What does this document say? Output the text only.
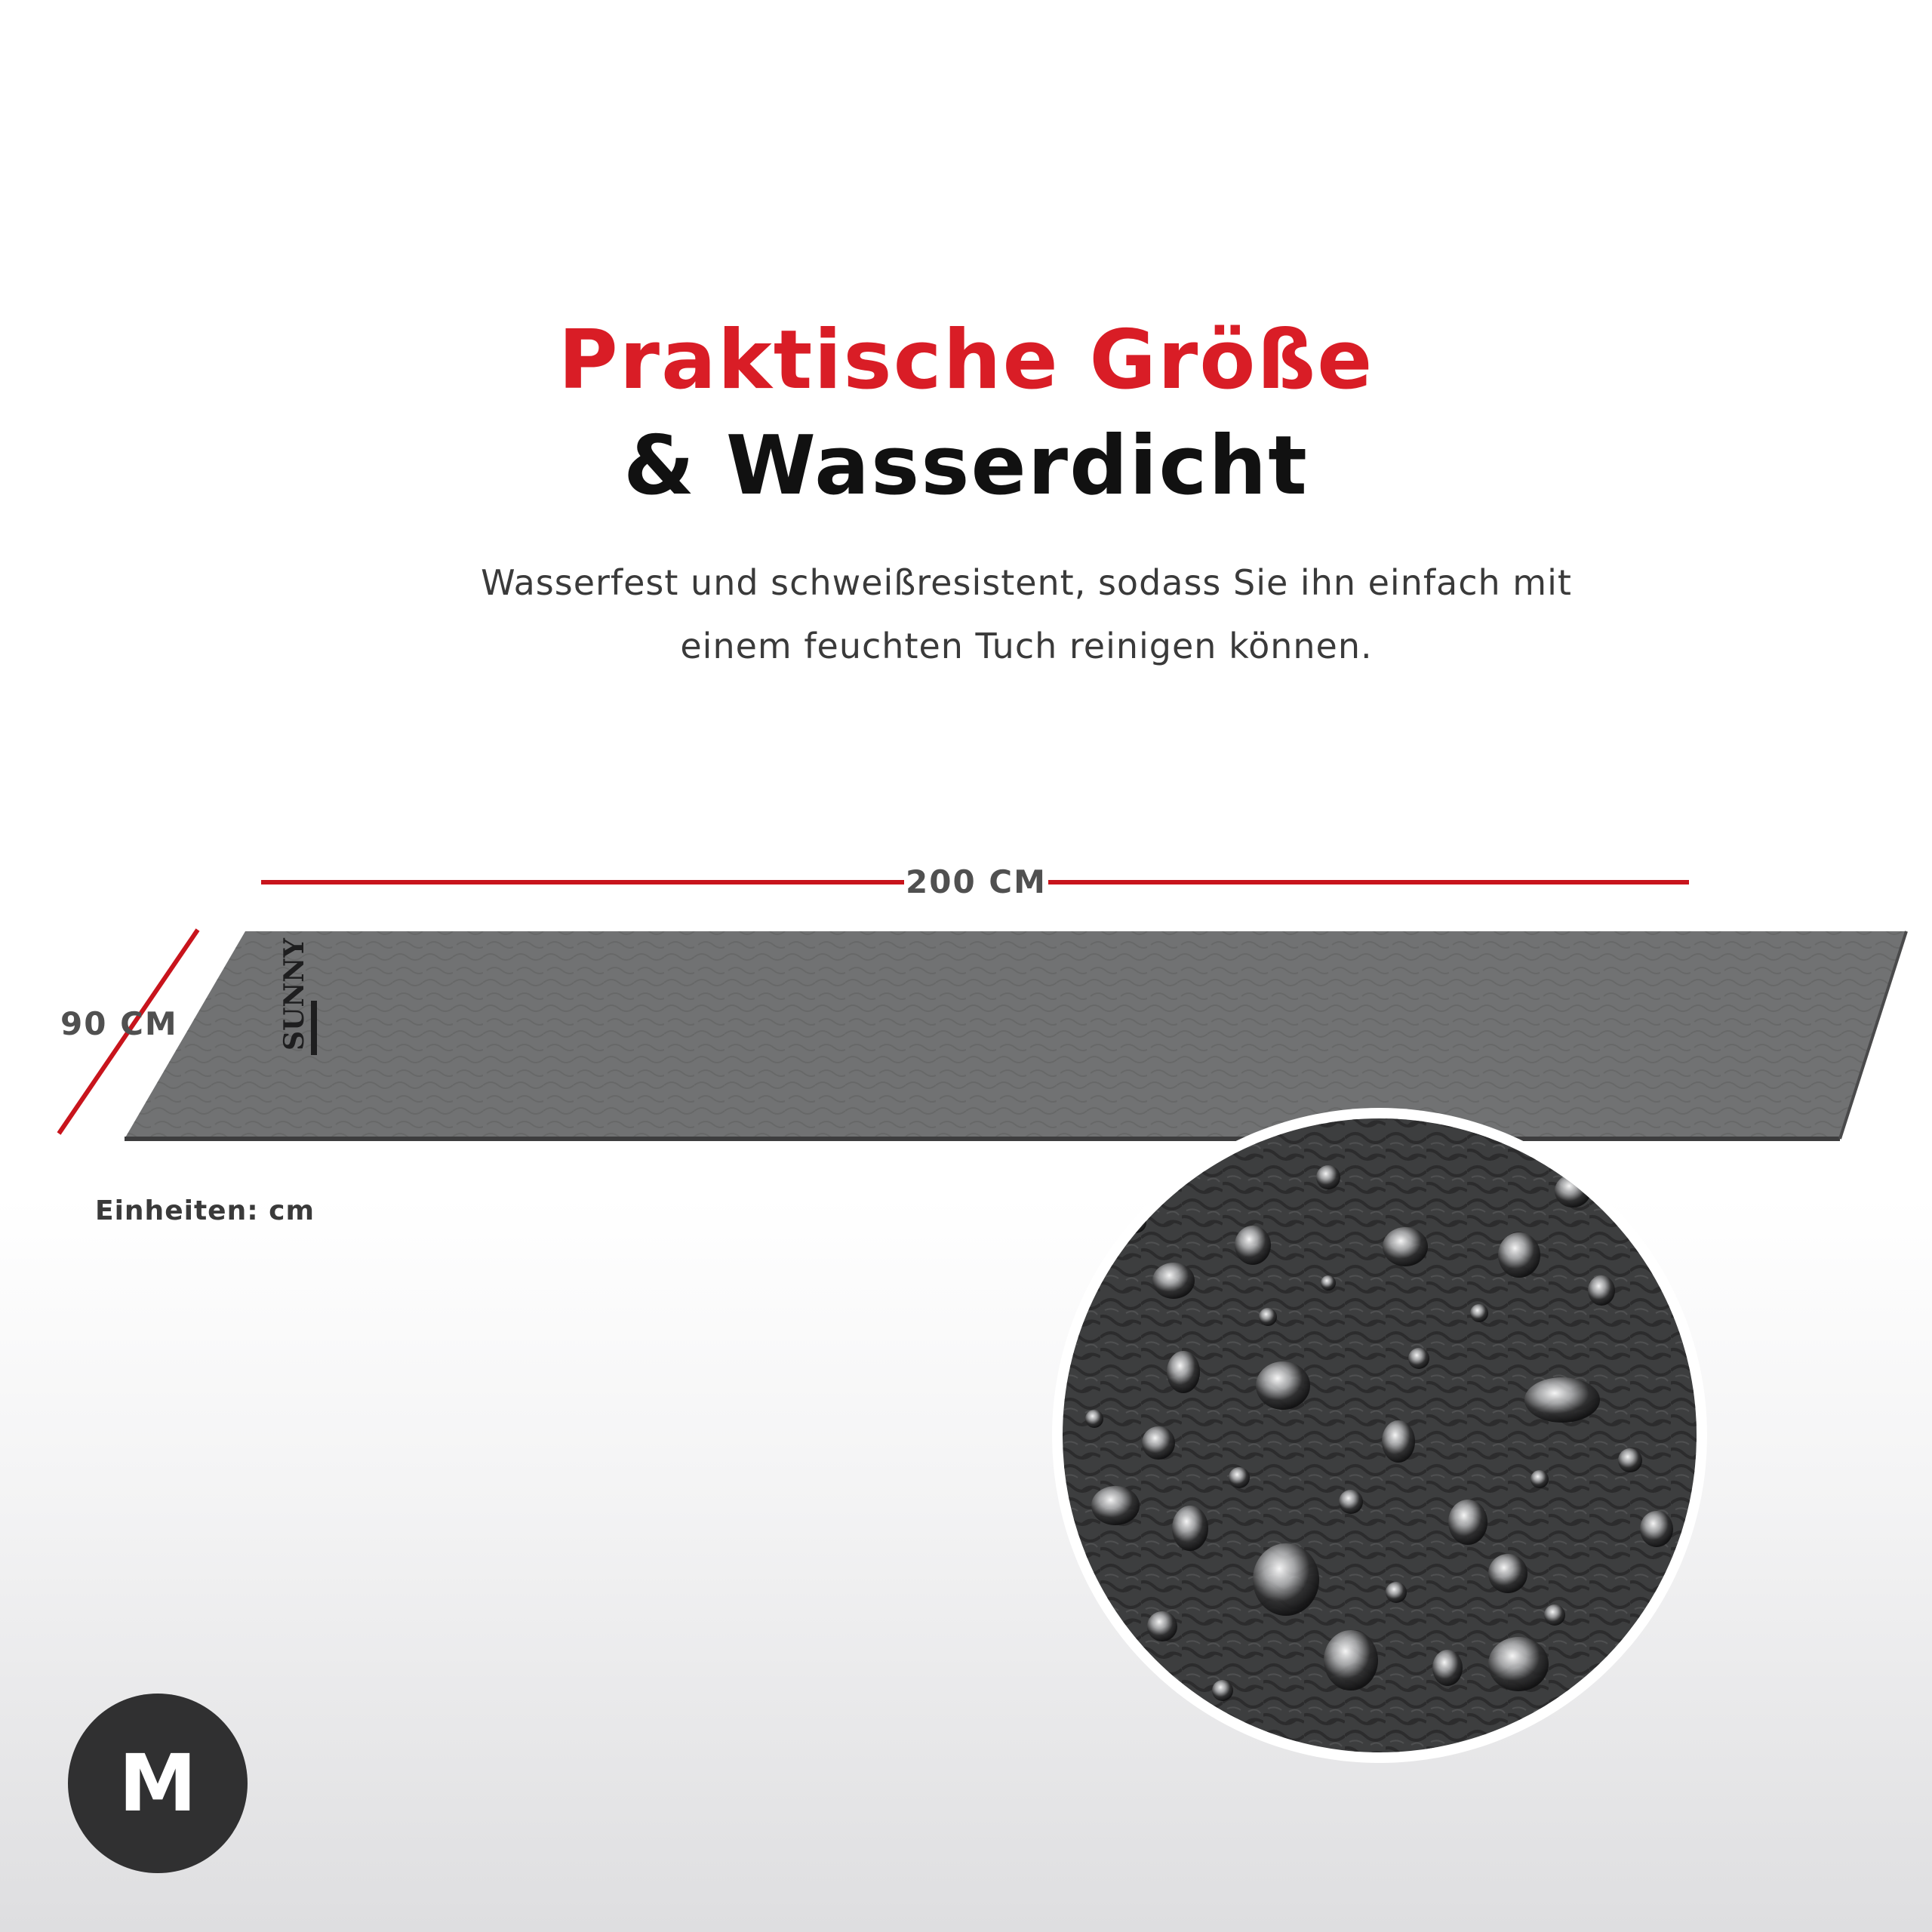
Praktische Größe
& Wasserdicht

Wasserfest und schweißresistent, sodass Sie ihn einfach mit
einem feuchten Tuch reinigen können.

SUNNY
200 CM
90 CM
Einheiten: cm
M
